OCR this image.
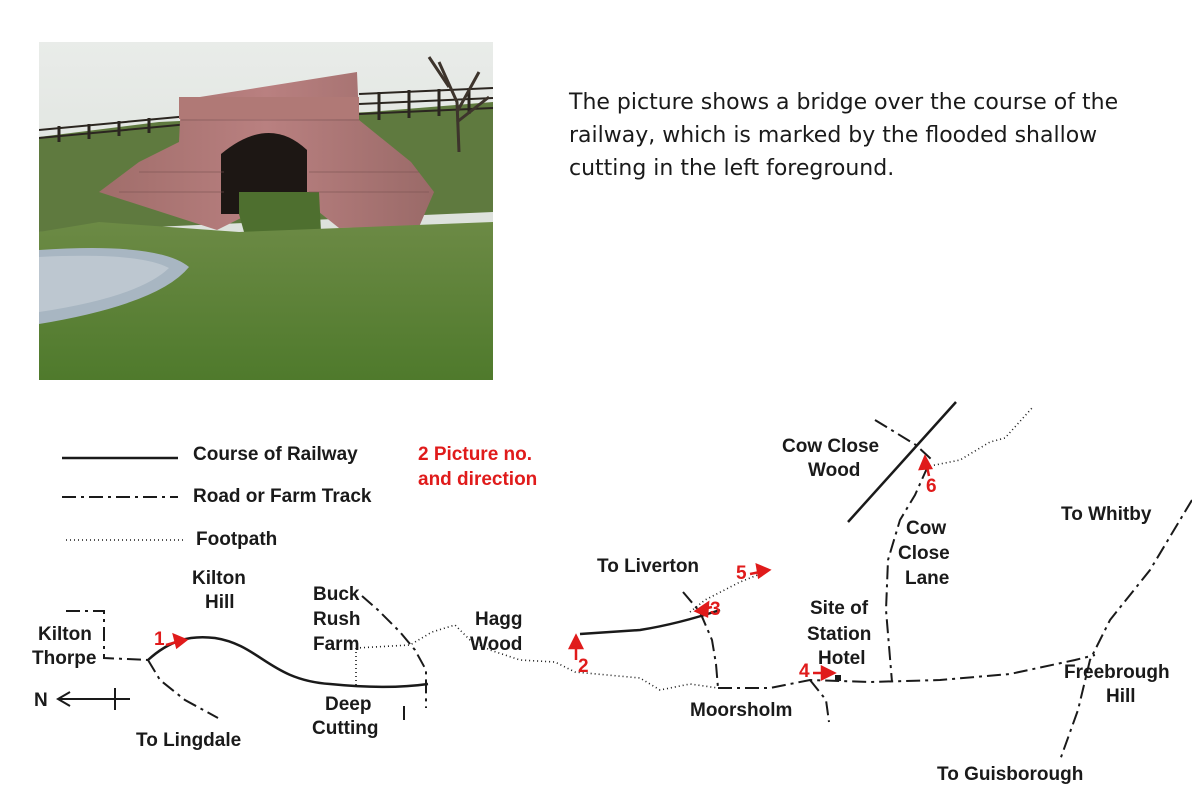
The picture shows a bridge over the course of the railway, which is marked by the flooded shallow cutting in the left foreground.
Course of Railway
Road or Farm Track
Footpath
2 Picture no.
and direction
N
Kilton
Thorpe
Kilton
Hill	Buck
Rush
Farm
Hagg
Wood
Deep
Cutting
To Lingdale
To Liverton
Moorsholm
Site of
Station
Hotel
Cow Close
Wood
Cow
Close
Lane
To Whitby
Freebrough
Hill
To Guisborough
1
2
3
4
5
6
